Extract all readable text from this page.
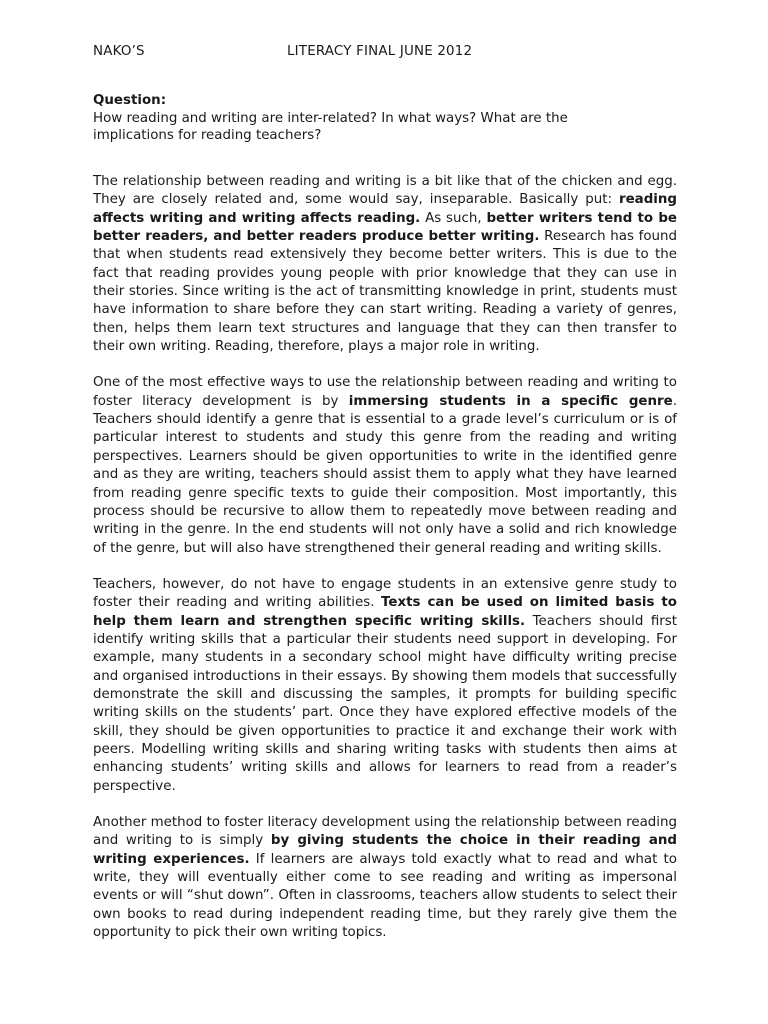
NAKO’S	LITERACY FINAL JUNE 2012
Question:
How reading and writing are inter-related? In what ways? What are the implications for reading teachers?

The relationship between reading and writing is a bit like that of the chicken and egg. They are closely related and, some would say, inseparable. Basically put: reading affects writing and writing affects reading. As such, better writers tend to be better readers, and better readers produce better writing. Research has found that when students read extensively they become better writers. This is due to the fact that reading provides young people with prior knowledge that they can use in their stories. Since writing is the act of transmitting knowledge in print, students must have information to share before they can start writing. Reading a variety of genres, then, helps them learn text structures and language that they can then transfer to their own writing. Reading, therefore, plays a major role in writing.

One of the most effective ways to use the relationship between reading and writing to foster literacy development is by immersing students in a specific genre. Teachers should identify a genre that is essential to a grade level’s curriculum or is of particular interest to students and study this genre from the reading and writing perspectives. Learners should be given opportunities to write in the identified genre and as they are writing, teachers should assist them to apply what they have learned from reading genre specific texts to guide their composition. Most importantly, this process should be recursive to allow them to repeatedly move between reading and writing in the genre. In the end students will not only have a solid and rich knowledge of the genre, but will also have strengthened their general reading and writing skills.

Teachers, however, do not have to engage students in an extensive genre study to foster their reading and writing abilities. Texts can be used on limited basis to help them learn and strengthen specific writing skills. Teachers should first identify writing skills that a particular their students need support in developing. For example, many students in a secondary school might have difficulty writing precise and organised introductions in their essays. By showing them models that successfully demonstrate the skill and discussing the samples, it prompts for building specific writing skills on the students’ part. Once they have explored effective models of the skill, they should be given opportunities to practice it and exchange their work with peers. Modelling writing skills and sharing writing tasks with students then aims at enhancing students’ writing skills and allows for learners to read from a reader’s perspective.

Another method to foster literacy development using the relationship between reading and writing to is simply by giving students the choice in their reading and writing experiences. If learners are always told exactly what to read and what to write, they will eventually either come to see reading and writing as impersonal events or will “shut down”. Often in classrooms, teachers allow students to select their own books to read during independent reading time, but they rarely give them the opportunity to pick their own writing topics.
